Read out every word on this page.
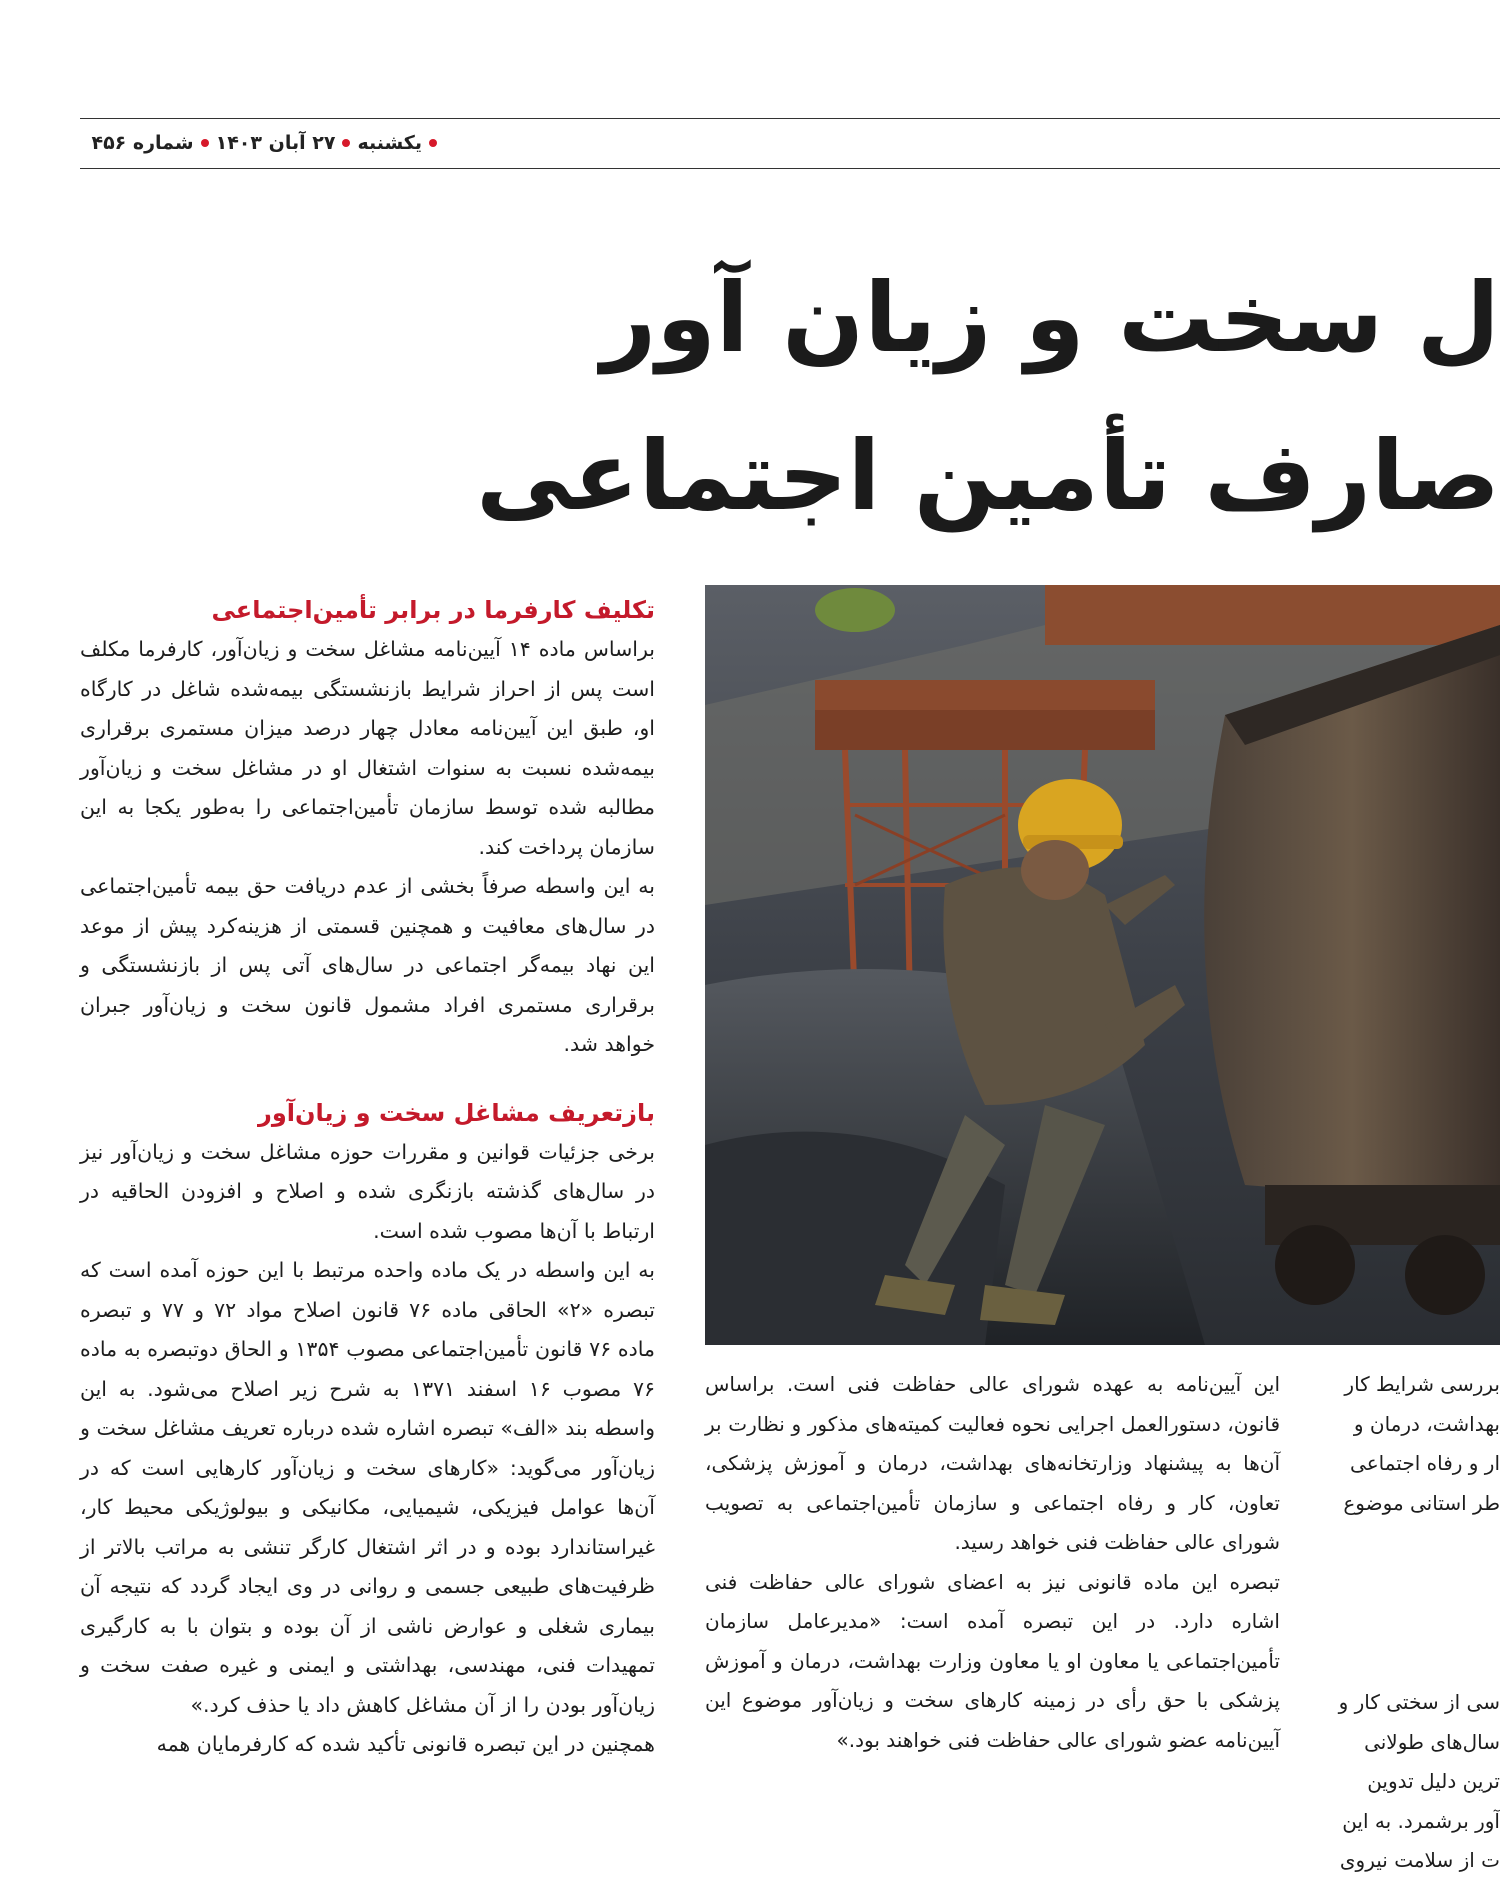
یکشنبه
۲۷ آبان ۱۴۰۳
شماره ۴۵۶
ل سخت و زیان آور
صارف تأمین اجتماعی
تکلیف کارفرما در برابر تأمین‌اجتماعی

براساس ماده ۱۴ آیین‌نامه مشاغل سخت و زیان‌آور، کارفرما مکلف است پس از احراز شرایط بازنشستگی بیمه‌شده شاغل در کارگاه او، طبق این آیین‌نامه معادل چهار درصد میزان مستمری برقراری بیمه‌شده نسبت به سنوات اشتغال او در مشاغل سخت و زیان‌آور مطالبه شده توسط سازمان تأمین‌اجتماعی را به‌طور یکجا به این سازمان پرداخت کند.

به این واسطه صرفاً بخشی از عدم دریافت حق بیمه تأمین‌اجتماعی در سال‌های معافیت و همچنین قسمتی از هزینه‌کرد پیش از موعد این نهاد بیمه‌گر اجتماعی در سال‌های آتی پس از بازنشستگی و برقراری مستمری افراد مشمول قانون سخت و زیان‌آور جبران خواهد شد.

بازتعریف مشاغل سخت و زیان‌آور

برخی جزئیات قوانین و مقررات حوزه مشاغل سخت و زیان‌آور نیز در سال‌های گذشته بازنگری شده و اصلاح و افزودن الحاقیه در ارتباط با آن‌ها مصوب شده است.

به این واسطه در یک ماده واحده مرتبط با این حوزه آمده است که تبصره «۲» الحاقی ماده ۷۶ قانون اصلاح مواد ۷۲ و ۷۷ و تبصره ماده ۷۶ قانون تأمین‌اجتماعی مصوب ۱۳۵۴ و الحاق دوتبصره به ماده ۷۶ مصوب ۱۶ اسفند ۱۳۷۱ به شرح زیر اصلاح می‌شود. به این واسطه بند «الف» تبصره اشاره شده درباره تعریف مشاغل سخت و زیان‌آور می‌گوید: «کارهای سخت و زیان‌آور کارهایی است که در آن‌ها عوامل فیزیکی، شیمیایی، مکانیکی و بیولوژیکی محیط کار، غیراستاندارد بوده و در اثر اشتغال کارگر تنشی به مراتب بالاتر از ظرفیت‌های طبیعی جسمی و روانی در وی ایجاد گردد که نتیجه آن بیماری شغلی و عوارض ناشی از آن بوده و بتوان با به کارگیری تمهیدات فنی، مهندسی، بهداشتی و ایمنی و غیره صفت سخت و زیان‌آور بودن را از آن مشاغل کاهش داد یا حذف کرد.»

همچنین در این تبصره قانونی تأکید شده که کارفرمایان همه

این آیین‌نامه به عهده شورای عالی حفاظت فنی است. براساس قانون، دستورالعمل اجرایی نحوه فعالیت کمیته‌های مذکور و نظارت بر آن‌ها به پیشنهاد وزارتخانه‌های بهداشت، درمان و آموزش پزشکی، تعاون، کار و رفاه اجتماعی و سازمان تأمین‌اجتماعی به تصویب شورای عالی حفاظت فنی خواهد رسید.

تبصره این ماده قانونی نیز به اعضای شورای عالی حفاظت فنی اشاره دارد. در این تبصره آمده است: «مدیرعامل سازمان تأمین‌اجتماعی یا معاون او یا معاون وزارت بهداشت، درمان و آموزش پزشکی با حق رأی در زمینه کارهای سخت و زیان‌آور موضوع این آیین‌نامه عضو شورای عالی حفاظت فنی خواهند بود.»

بررسی شرایط کار
بهداشت، درمان و
ار و رفاه اجتماعی
طر استانی موضوع
سی از سختی کار و
سال‌های طولانی
ترین دلیل تدوین
آور برشمرد. به این
ت از سلامت نیروی
